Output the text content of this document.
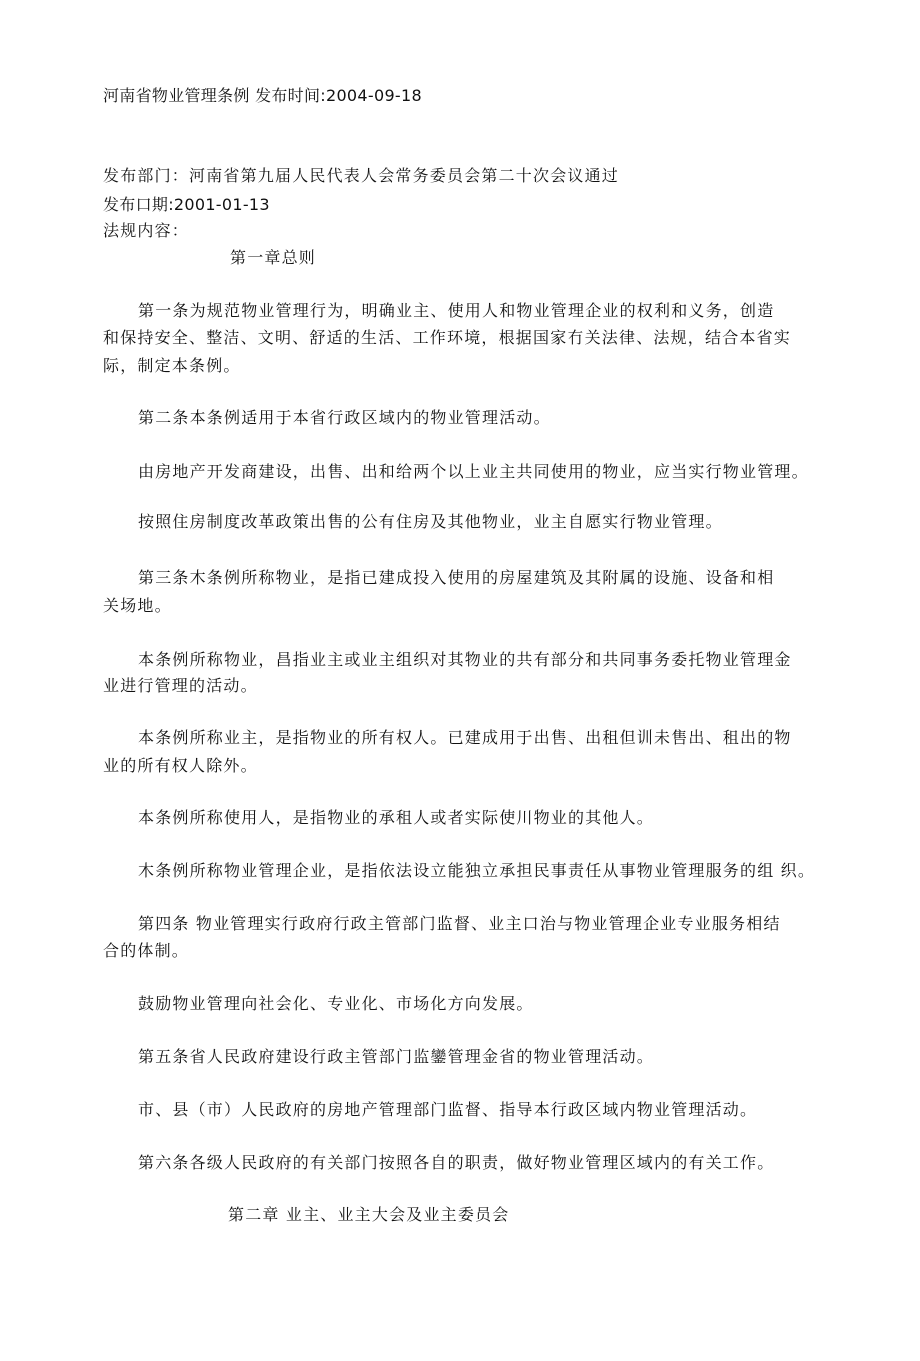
河南省物业管理条例 发布时间:2004-09-18
发布部门：河南省第九届人民代表人会常务委员会第二十次会议通过
发布口期:2001-01-13
法规内容：
第一章总则
第一条为规范物业管理行为，明确业主、使用人和物业管理企业的权利和义务，创造
和保持安全、整洁、文明、舒适的生活、工作环境，根据国家冇关法律、法规，结合本省实
际，制定本条例。
第二条本条例适用于本省行政区域内的物业管理活动。
由房地产开发商建设，出售、出和给两个以上业主共同使用的物业，应当实行物业管理。
按照住房制度改革政策出售的公有住房及其他物业，业主自愿实行物业管理。
第三条木条例所称物业，是指已建成投入使用的房屋建筑及其附属的设施、设备和相
关场地。
本条例所称物业，昌指业主或业主组织对其物业的共有部分和共同事务委托物业管理金
业进行管理的活动。
本条例所称业主，是指物业的所有权人。已建成用于出售、出租但训未售出、租出的物
业的所有权人除外。
本条例所称使用人，是指物业的承租人或者实际使川物业的其他人。
木条例所称物业管理企业，是指依法设立能独立承担民事责任从事物业管理服务的组 织。
第四条 物业管理实行政府行政主管部门监督、业主口治与物业管理企业专业服务相结
合的体制。
鼓励物业管理向社会化、专业化、市场化方向发展。
第五条省人民政府建设行政主管部门监鑾管理金省的物业管理活动。
市、县（市）人民政府的房地产管理部门监督、指导本行政区域内物业管理活动。
第六条各级人民政府的有关部门按照各自的职责，做好物业管理区域内的有关工作。
第二章 业主、业主大会及业主委员会
